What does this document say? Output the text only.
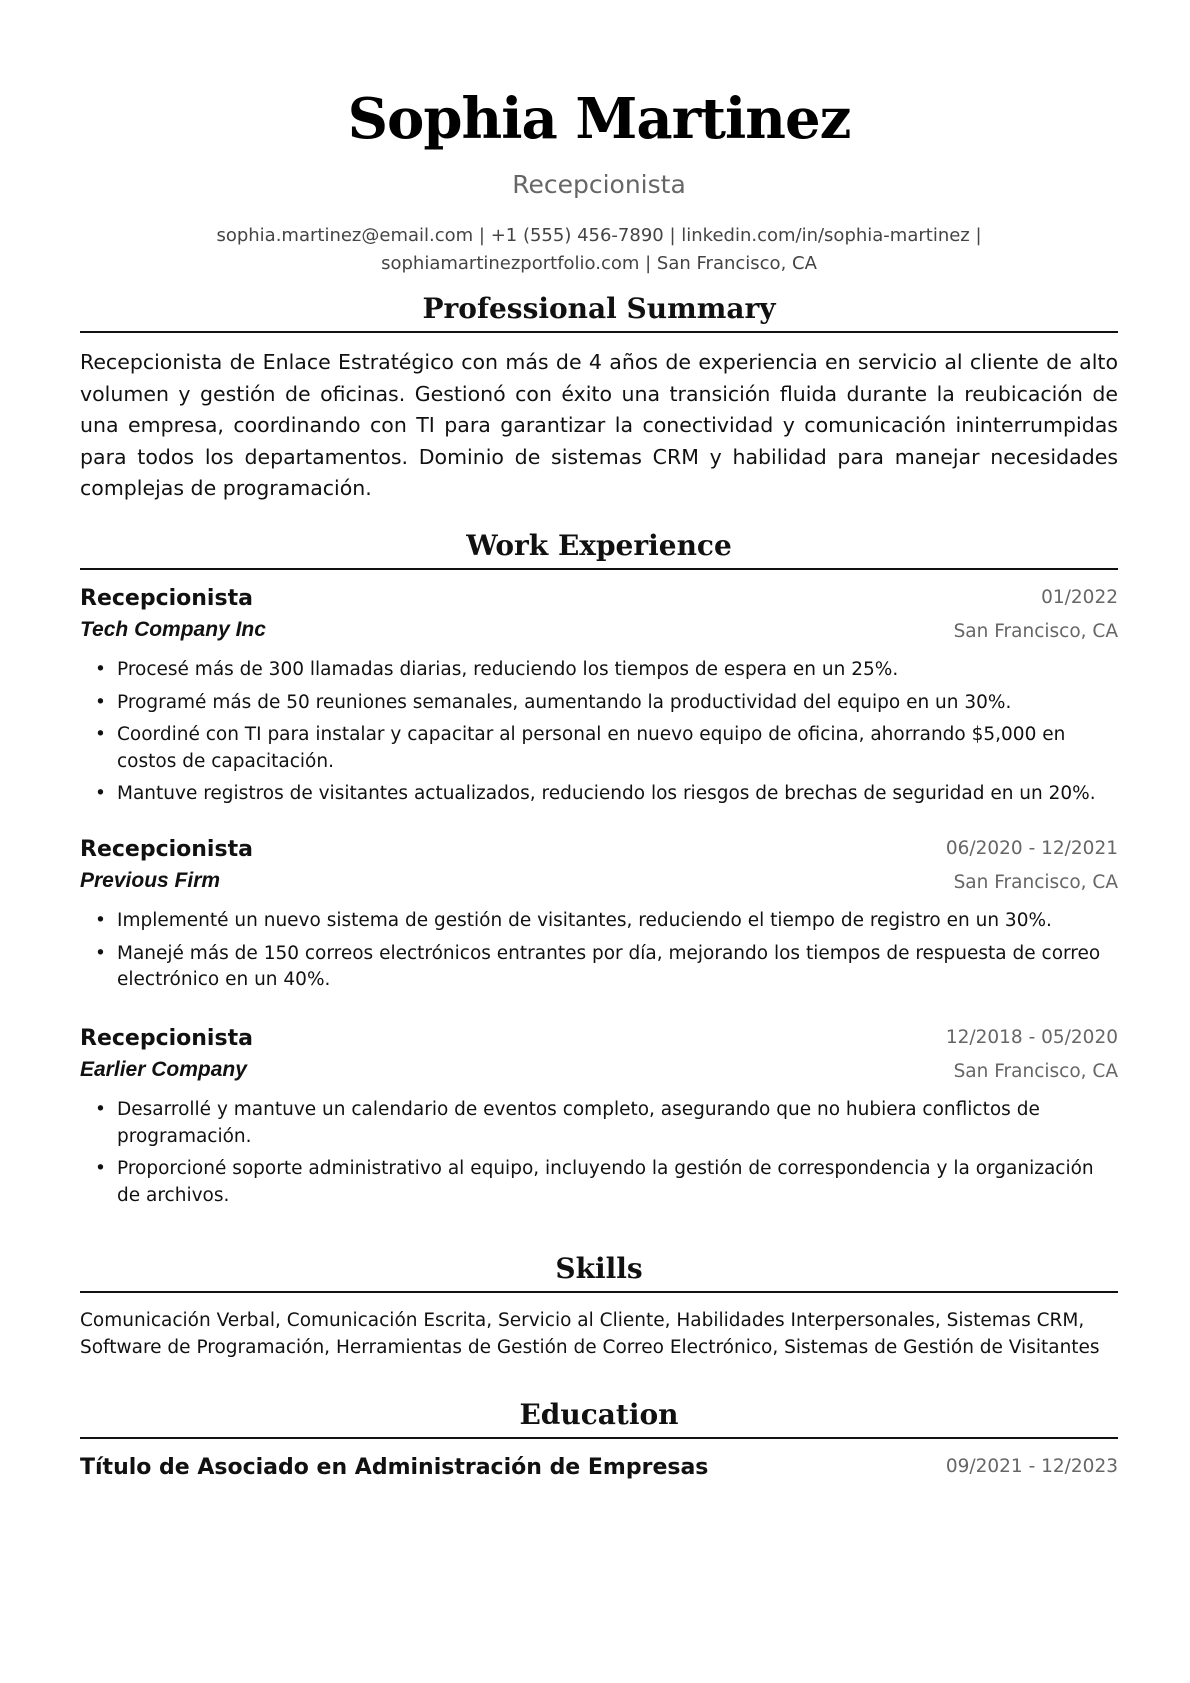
Sophia Martinez
Recepcionista
sophia.martinez@email.com | +1 (555) 456-7890 | linkedin.com/in/sophia-martinez |
sophiamartinezportfolio.com | San Francisco, CA
Professional Summary
Recepcionista de Enlace Estratégico con más de 4 años de experiencia en servicio al cliente de alto volumen y gestión de oficinas. Gestionó con éxito una transición fluida durante la reubicación de una empresa, coordinando con TI para garantizar la conectividad y comunicación ininterrumpidas para todos los departamentos. Dominio de sistemas CRM y habilidad para manejar necesidades complejas de programación.
Work Experience
Recepcionista	01/2022
Tech Company Inc	San Francisco, CA
• Procesé más de 300 llamadas diarias, reduciendo los tiempos de espera en un 25%.
• Programé más de 50 reuniones semanales, aumentando la productividad del equipo en un 30%.
• Coordiné con TI para instalar y capacitar al personal en nuevo equipo de oficina, ahorrando $5,000 en costos de capacitación.
• Mantuve registros de visitantes actualizados, reduciendo los riesgos de brechas de seguridad en un 20%.
Recepcionista	06/2020 - 12/2021
Previous Firm	San Francisco, CA
• Implementé un nuevo sistema de gestión de visitantes, reduciendo el tiempo de registro en un 30%.
• Manejé más de 150 correos electrónicos entrantes por día, mejorando los tiempos de respuesta de correo electrónico en un 40%.
Recepcionista	12/2018 - 05/2020
Earlier Company	San Francisco, CA
• Desarrollé y mantuve un calendario de eventos completo, asegurando que no hubiera conflictos de programación.
• Proporcioné soporte administrativo al equipo, incluyendo la gestión de correspondencia y la organización de archivos.
Skills
Comunicación Verbal, Comunicación Escrita, Servicio al Cliente, Habilidades Interpersonales, Sistemas CRM, Software de Programación, Herramientas de Gestión de Correo Electrónico, Sistemas de Gestión de Visitantes
Education
Título de Asociado en Administración de Empresas	09/2021 - 12/2023
